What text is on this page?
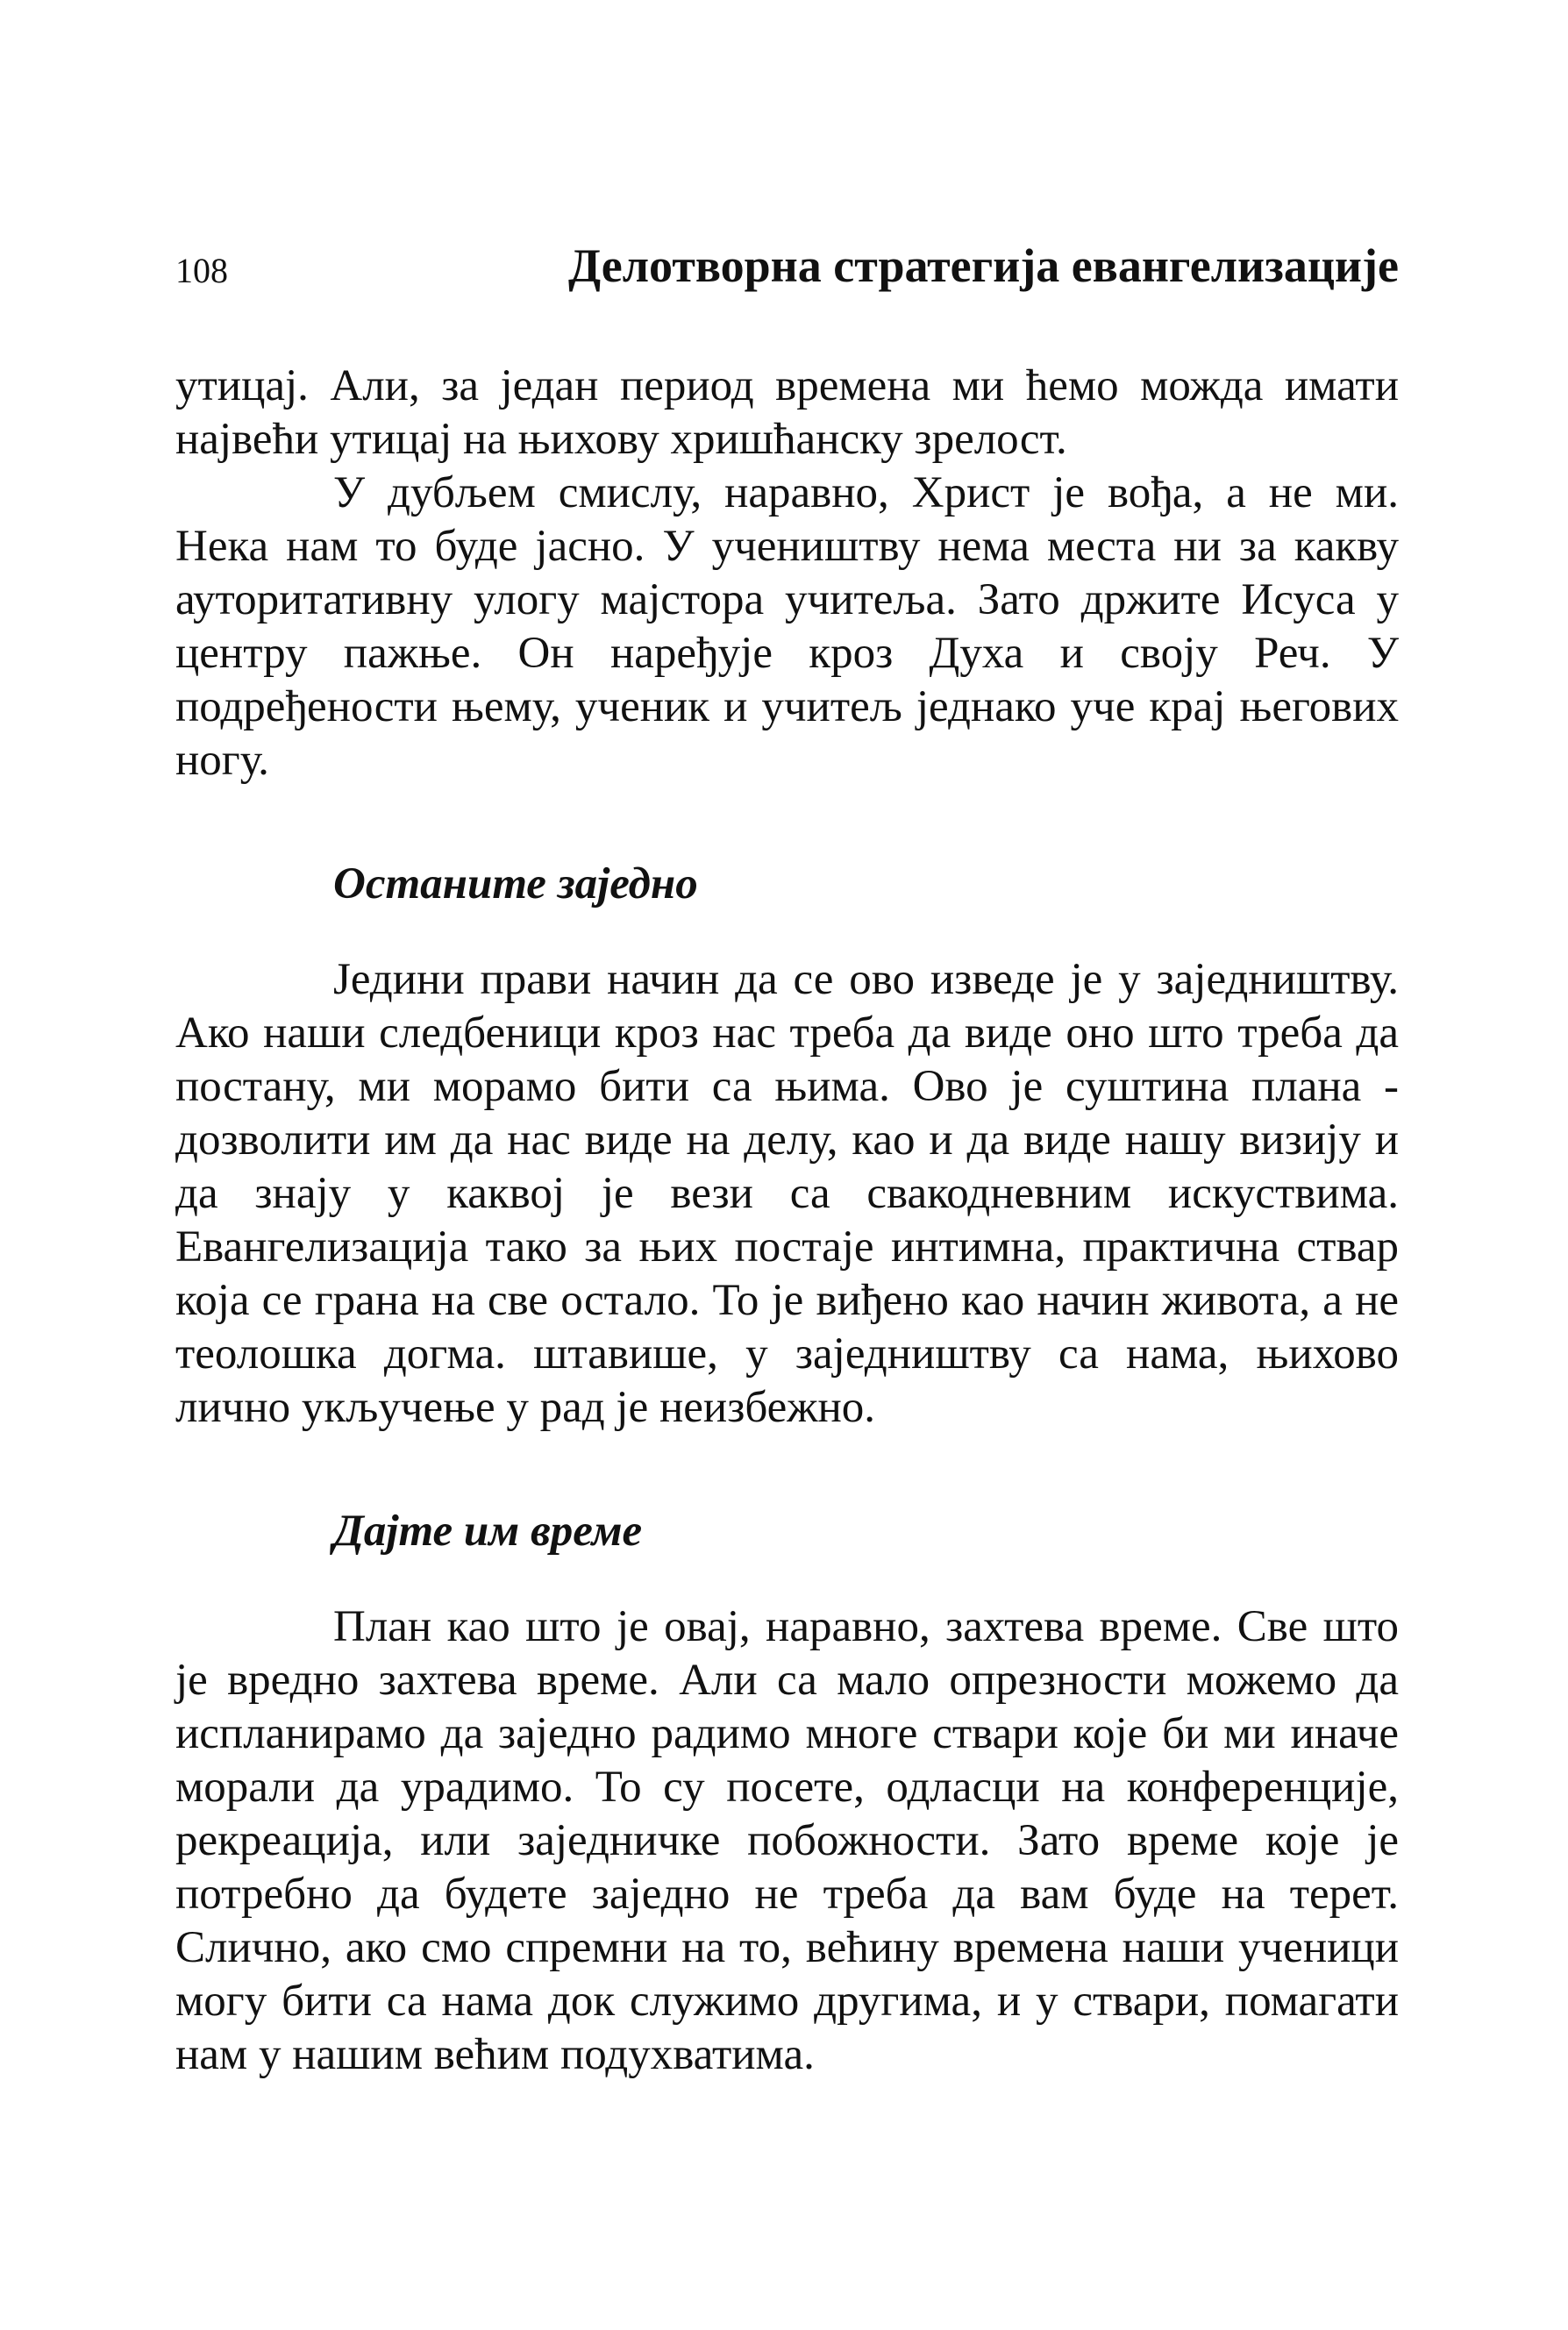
108	Делотворна стратегија евангелизације

утицај. Али, за један период времена ми ћемо можда имати највећи утицај на њихову хришћанску зрелост.

У дубљем смислу, наравно, Христ је вођа, а не ми. Нека нам то буде јасно. У учеништву нема места ни за какву ауторитативну улогу мајстора учитеља. Зато држите Исуса у центру пажње. Он наређује кроз Духа и своју Реч. У подређености њему, ученик и учитељ једнако уче крај његових ногу.

Останите заједно

Једини прави начин да се ово изведе је у заједништву. Ако наши следбеници кроз нас треба да виде оно што треба да постану, ми морамо бити са њима. Ово је суштина плана - дозволити им да нас виде на делу, као и да виде нашу визију и да знају у каквој је вези са свакодневним искуствима. Евангелизација тако за њих постаје интимна, практична ствар која се грана на све остало. То је виђено као начин живота, а не теолошка догма. штавише, у заједништву са нама, њихово лично укључење у рад је неизбежно.

Дајте им време

План као што је овај, наравно, захтева време. Све што је вредно захтева време. Али са мало опрезности можемо да испланирамо да заједно радимо многе ствари које би ми иначе морали да урадимо. То су посете, одласци на конференције, рекреација, или заједничке побожности. Зато време које је потребно да будете заједно не треба да вам буде на терет. Слично, ако смо спремни на то, већину времена наши ученици могу бити са нама док служимо другима, и у ствари, помагати нам у нашим већим подухватима.
